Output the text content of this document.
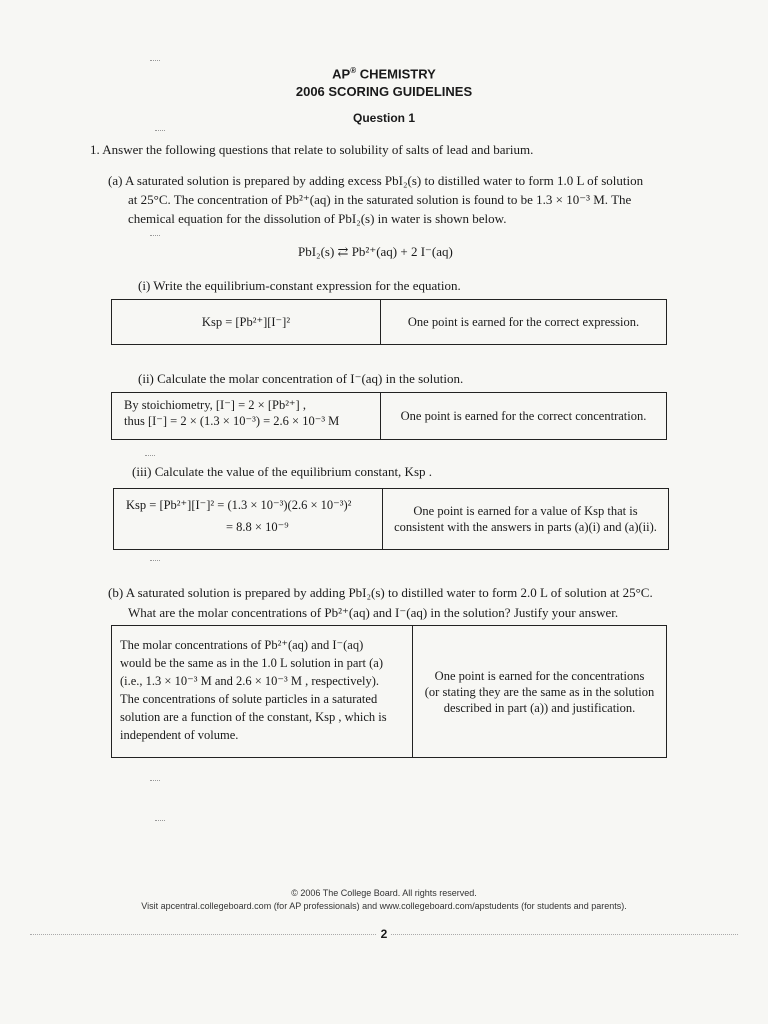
AP® CHEMISTRY
2006 SCORING GUIDELINES
Question 1
1. Answer the following questions that relate to solubility of salts of lead and barium.
(a) A saturated solution is prepared by adding excess PbI₂(s) to distilled water to form 1.0 L of solution
at 25°C. The concentration of Pb²⁺(aq) in the saturated solution is found to be 1.3 × 10⁻³ M. The
chemical equation for the dissolution of PbI₂(s) in water is shown below.
PbI₂(s) ⇄ Pb²⁺(aq) + 2 I⁻(aq)
(i) Write the equilibrium-constant expression for the equation.
Ksp = [Pb²⁺][I⁻]²	One point is earned for the correct expression.
(ii) Calculate the molar concentration of I⁻(aq) in the solution.
By stoichiometry, [I⁻] = 2 × [Pb²⁺] ,
thus [I⁻] = 2 × (1.3 × 10⁻³) = 2.6 × 10⁻³ M	One point is earned for the correct concentration.
(iii) Calculate the value of the equilibrium constant, Ksp .
Ksp = [Pb²⁺][I⁻]² = (1.3 × 10⁻³)(2.6 × 10⁻³)²
= 8.8 × 10⁻⁹
One point is earned for a value of Ksp that is
consistent with the answers in parts (a)(i) and (a)(ii).
(b) A saturated solution is prepared by adding PbI₂(s) to distilled water to form 2.0 L of solution at 25°C.
What are the molar concentrations of Pb²⁺(aq) and I⁻(aq) in the solution? Justify your answer.
The molar concentrations of Pb²⁺(aq) and I⁻(aq)
would be the same as in the 1.0 L solution in part (a)
(i.e., 1.3 × 10⁻³ M and 2.6 × 10⁻³ M , respectively).
The concentrations of solute particles in a saturated
solution are a function of the constant, Ksp , which is
independent of volume.
One point is earned for the concentrations
(or stating they are the same as in the solution
described in part (a)) and justification.
© 2006 The College Board. All rights reserved.
Visit apcentral.collegeboard.com (for AP professionals) and www.collegeboard.com/apstudents (for students and parents).
2
